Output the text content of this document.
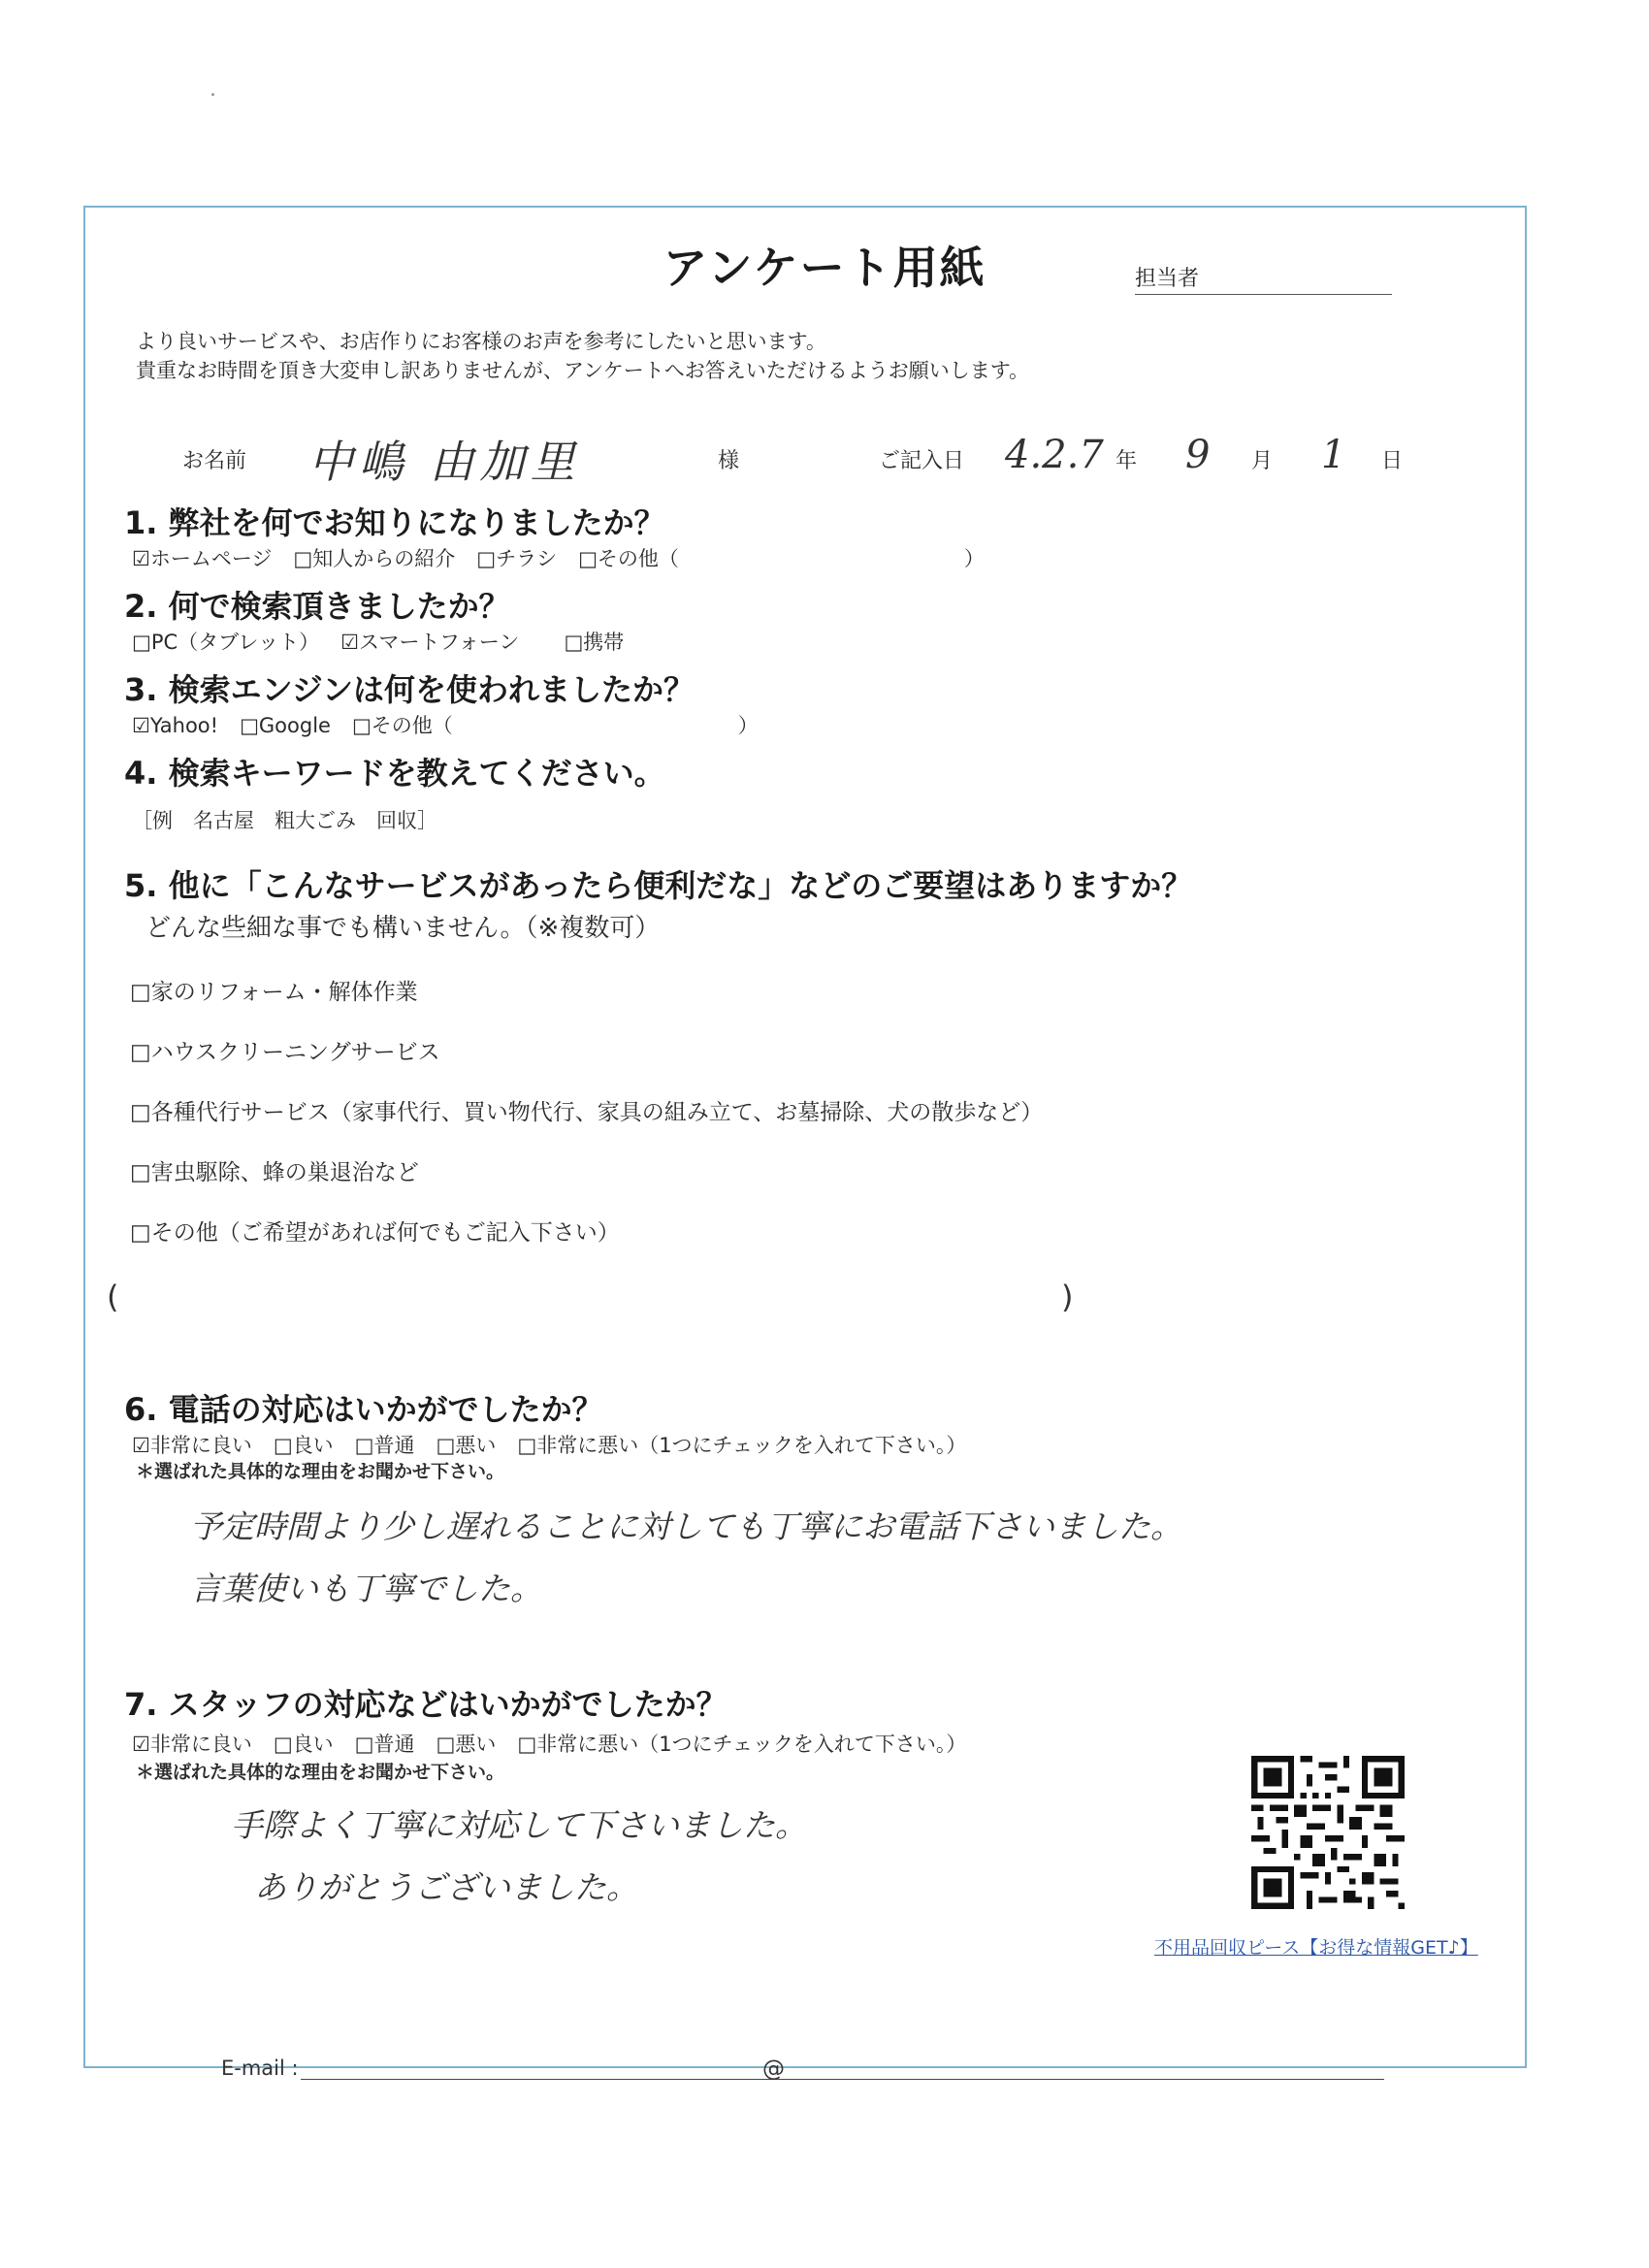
アンケート用紙	担当者
より良いサービスや、お店作りにお客様のお声を参考にしたいと思います。
貴重なお時間を頂き大変申し訳ありませんが、アンケートへお答えいただけるようお願いします。
お名前 中嶋 由加里	様	ご記入日 4.2.7 年 9 月 1 日
1. 弊社を何でお知りになりましたか？
☑ホームページ □知人からの紹介 □チラシ □その他（　　　　　　　　　　　　　　）
2. 何で検索頂きましたか？
□PC（タブレット） ☑スマートフォーン □携帯
3. 検索エンジンは何を使われましたか？
☑Yahoo! □Google □その他（　　　　　　　　　　　　　　）
4. 検索キーワードを教えてください。
［例　名古屋　粗大ごみ　回収］
5. 他に「こんなサービスがあったら便利だな」などのご要望はありますか？
どんな些細な事でも構いません。（※複数可）
□家のリフォーム・解体作業
□ハウスクリーニングサービス
□各種代行サービス（家事代行、買い物代行、家具の組み立て、お墓掃除、犬の散歩など）
□害虫駆除、蜂の巣退治など
□その他（ご希望があれば何でもご記入下さい）
(	)
6. 電話の対応はいかがでしたか？
☑非常に良い □良い □普通 □悪い □非常に悪い（1つにチェックを入れて下さい。）
＊選ばれた具体的な理由をお聞かせ下さい。
予定時間より少し遅れることに対しても丁寧にお電話下さいました。
言葉使いも丁寧でした。
7. スタッフの対応などはいかがでしたか？
☑非常に良い □良い □普通 □悪い □非常に悪い（1つにチェックを入れて下さい。）
＊選ばれた具体的な理由をお聞かせ下さい。
手際よく丁寧に対応して下さいました。
ありがとうございました。
不用品回収ピース【お得な情報GET♪】
E-mail :	@
